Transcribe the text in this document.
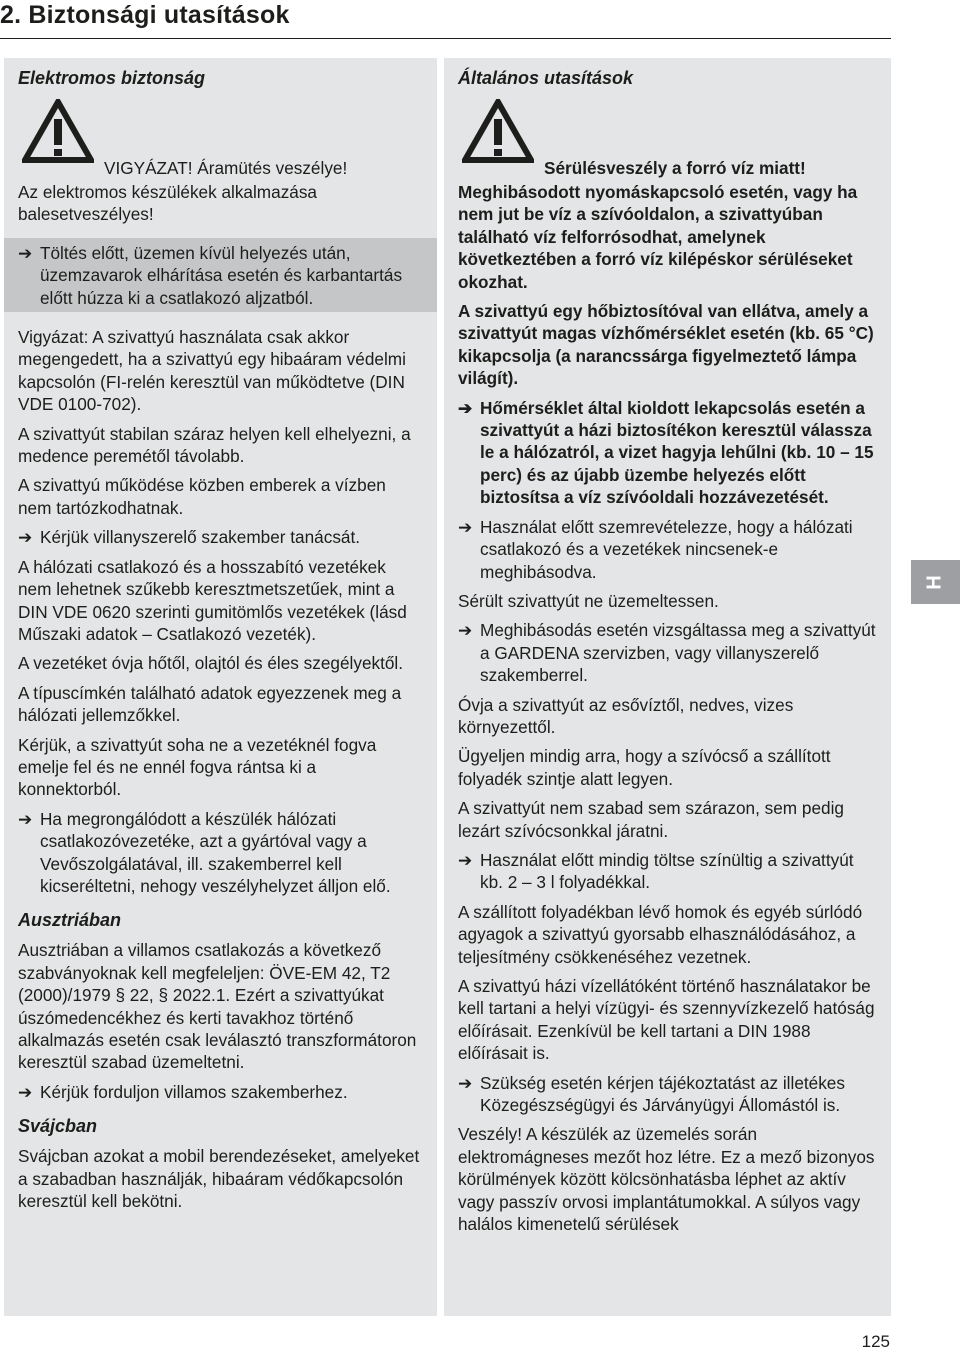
2. Biztonsági utasítások
Elektromos biztonság
VIGYÁZAT! Áramütés veszélye!

Az elektromos készülékek alkalmazása balesetveszélyes!

➔ Töltés előtt, üzemen kívül helyezés után, üzemzavarok elhárítása esetén és karbantartás előtt húzza ki a csatlakozó aljzatból.

Vigyázat: A szivattyú használata csak akkor megengedett, ha a szivattyú egy hibaáram védelmi kapcsolón (FI-relén keresztül van működtetve (DIN VDE 0100-702).

A szivattyút stabilan száraz helyen kell elhelyezni, a medence peremétől távolabb.

A szivattyú működése közben emberek a vízben nem tartózkodhatnak.

➔ Kérjük villanyszerelő szakember tanácsát.

A hálózati csatlakozó és a hosszabító vezetékek nem lehetnek szűkebb keresztmetszetűek, mint a DIN VDE 0620 szerinti gumitömlős vezetékek (lásd Műszaki adatok – Csatlakozó vezeték).

A vezetéket óvja hőtől, olajtól és éles szegélyektől.

A típuscímkén található adatok egyezzenek meg a hálózati jellemzőkkel.

Kérjük, a szivattyút soha ne a vezetéknél fogva emelje fel és ne ennél fogva rántsa ki a konnektorból.

➔ Ha megrongálódott a készülék hálózati csatlakozóvezetéke, azt a gyártóval vagy a Vevőszolgálatával, ill. szakemberrel kell kicseréltetni, nehogy veszélyhelyzet álljon elő.
Ausztriában

Ausztriában a villamos csatlakozás a következő szabványoknak kell megfeleljen: ÖVE-EM 42, T2 (2000)/1979 § 22, § 2022.1. Ezért a szivattyúkat úszómedencékhez és kerti tavakhoz történő alkalmazás esetén csak leválasztó transzformátoron keresztül szabad üzemeltetni.

➔ Kérjük forduljon villamos szakemberhez.
Svájcban

Svájcban azokat a mobil berendezéseket, amelyeket a szabadban használják, hibaáram védőkapcsolón keresztül kell bekötni.

Általános utasítások
Sérülésveszély a forró víz miatt!

Meghibásodott nyomáskapcsoló esetén, vagy ha nem jut be víz a szívóoldalon, a szivattyúban található víz felforrósodhat, amelynek következtében a forró víz kilépéskor sérüléseket okozhat.

A szivattyú egy hőbiztosítóval van ellátva, amely a szivattyút magas vízhőmérséklet esetén (kb. 65 °C) kikapcsolja (a narancssárga figyelmeztető lámpa világít).

➔ Hőmérséklet által kioldott lekapcsolás esetén a szivattyút a házi biztosítékon keresztül válassza le a hálózatról, a vizet hagyja lehűlni (kb. 10 – 15 perc) és az újabb üzembe helyezés előtt biztosítsa a víz szívóoldali hozzávezetését.
➔ Használat előtt szemrevételezze, hogy a hálózati csatlakozó és a vezetékek nincsenek-e meghibásodva.

Sérült szivattyút ne üzemeltessen.

➔ Meghibásodás esetén vizsgáltassa meg a szivattyút a GARDENA szervizben, vagy villanyszerelő szakemberrel.

Óvja a szivattyút az esővíztől, nedves, vizes környezettől.

Ügyeljen mindig arra, hogy a szívócső a szállított folyadék szintje alatt legyen.

A szivattyút nem szabad sem szárazon, sem pedig lezárt szívócsonkkal járatni.

➔ Használat előtt mindig töltse színültig a szivattyút kb. 2 – 3 l folyadékkal.

A szállított folyadékban lévő homok és egyéb súrlódó agyagok a szivattyú gyorsabb elhasználódásához, a teljesítmény csökkenéséhez vezetnek.

A szivattyú házi vízellátóként történő használatakor be kell tartani a helyi vízügyi- és szennyvízkezelő hatóság előírásait. Ezenkívül be kell tartani a DIN 1988 előírásait is.

➔ Szükség esetén kérjen tájékoztatást az illetékes Közegészségügyi és Járványügyi Állomástól is.

Veszély! A készülék az üzemelés során elektromágneses mezőt hoz létre. Ez a mező bizonyos körülmények között kölcsönhatásba léphet az aktív vagy passzív orvosi implantátumokkal. A súlyos vagy halálos kimenetelű sérülések

H
125
